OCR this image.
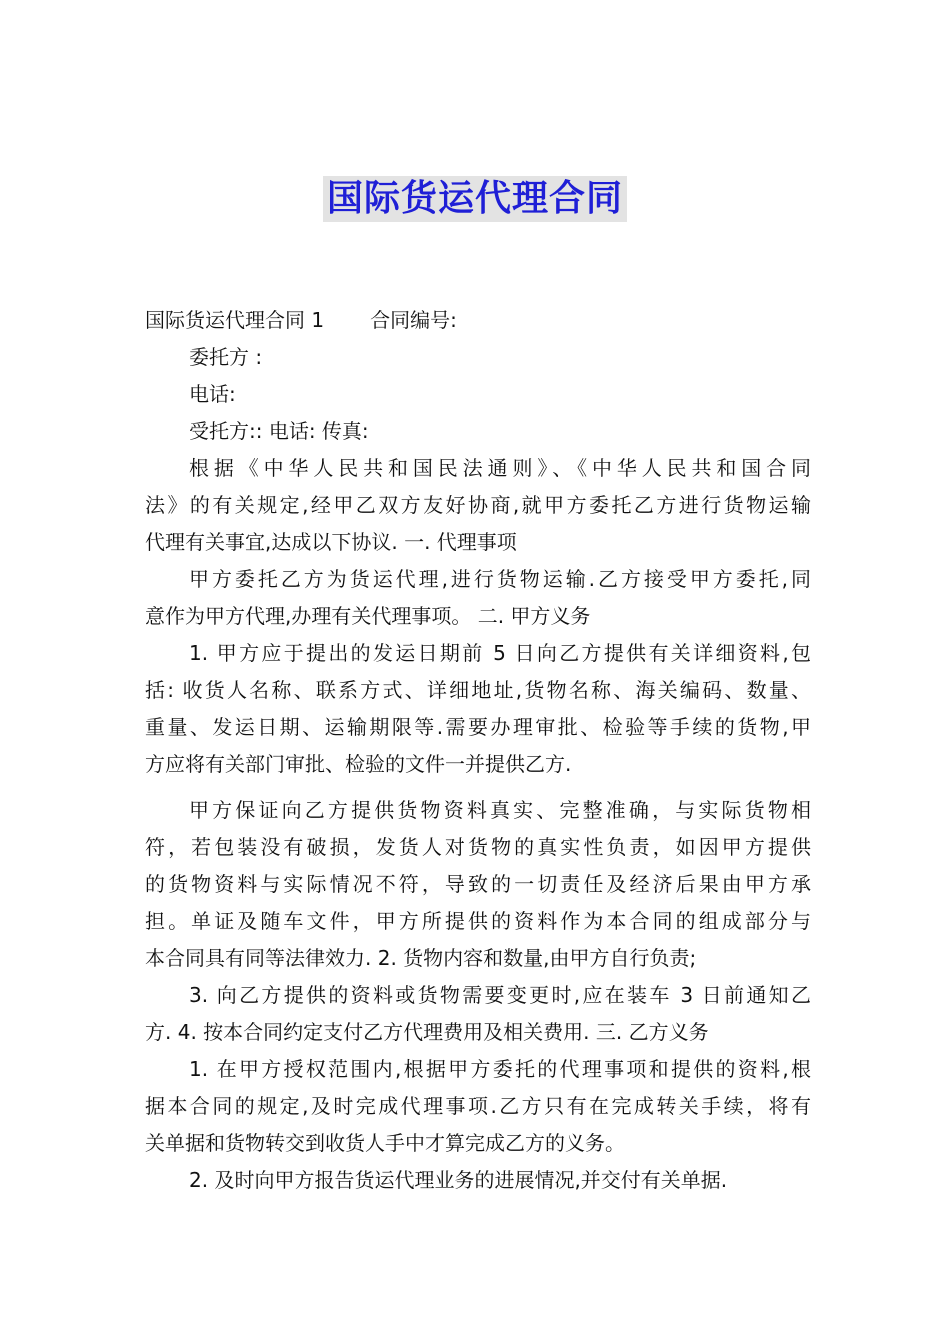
国际货运代理合同
国际货运代理合同 1 合同编号:
委托方 :
电话:
受托方:: 电话: 传真:
根据《中华人民共和国民法通则》、《中华人民共和国合同
法》的有关规定,经甲乙双方友好协商,就甲方委托乙方进行货物运输
代理有关事宜,达成以下协议. 一. 代理事项
甲方委托乙方为货运代理,进行货物运输.乙方接受甲方委托,同
意作为甲方代理,办理有关代理事项。 二. 甲方义务
1. 甲方应于提出的发运日期前 5 日向乙方提供有关详细资料,包
括: 收货人名称、联系方式、详细地址,货物名称、海关编码、数量、
重量、发运日期、运输期限等.需要办理审批、检验等手续的货物,甲
方应将有关部门审批、检验的文件一并提供乙方.
甲方保证向乙方提供货物资料真实、完整准确，与实际货物相
符，若包装没有破损，发货人对货物的真实性负责，如因甲方提供
的货物资料与实际情况不符，导致的一切责任及经济后果由甲方承
担。单证及随车文件，甲方所提供的资料作为本合同的组成部分与
本合同具有同等法律效力. 2. 货物内容和数量,由甲方自行负责;
3. 向乙方提供的资料或货物需要变更时,应在装车 3 日前通知乙
方. 4. 按本合同约定支付乙方代理费用及相关费用. 三. 乙方义务
1. 在甲方授权范围内,根据甲方委托的代理事项和提供的资料,根
据本合同的规定,及时完成代理事项.乙方只有在完成转关手续，将有
关单据和货物转交到收货人手中才算完成乙方的义务。
2. 及时向甲方报告货运代理业务的进展情况,并交付有关单据.
